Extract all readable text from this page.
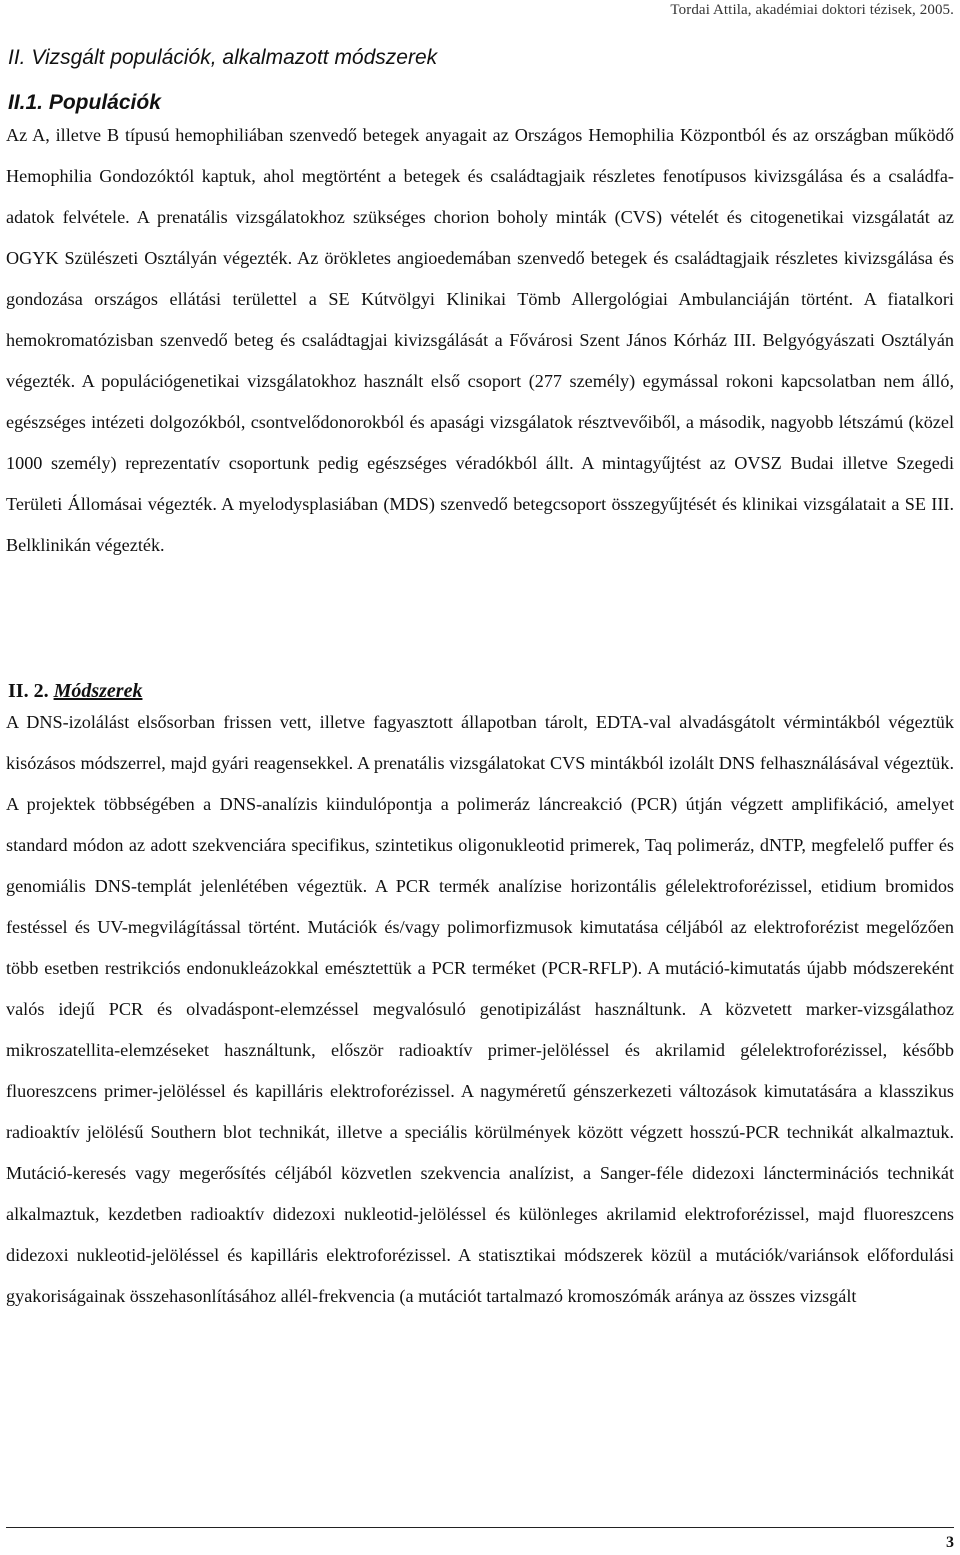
Tordai Attila, akadémiai doktori tézisek, 2005.
II. Vizsgált populációk, alkalmazott módszerek
II.1. Populációk

Az A, illetve B típusú hemophiliában szenvedő betegek anyagait az Országos Hemophilia Központból és az országban működő Hemophilia Gondozóktól kaptuk, ahol megtörtént a betegek és családtagjaik részletes fenotípusos kivizsgálása és a családfa-adatok felvétele. A prenatális vizsgálatokhoz szükséges chorion boholy minták (CVS) vételét és citogenetikai vizsgálatát az OGYK Szülészeti Osztályán végezték. Az örökletes angioedemában szenvedő betegek és családtagjaik részletes kivizsgálása és gondozása országos ellátási területtel a SE Kútvölgyi Klinikai Tömb Allergológiai Ambulanciáján történt. A fiatalkori hemokromatózisban szenvedő beteg és családtagjai kivizsgálását a Fővárosi Szent János Kórház III. Belgyógyászati Osztályán végezték. A populációgenetikai vizsgálatokhoz használt első csoport (277 személy) egymással rokoni kapcsolatban nem álló, egészséges intézeti dolgozókból, csontvelődonorokból és apasági vizsgálatok résztvevőiből, a második, nagyobb létszámú (közel 1000 személy) reprezentatív csoportunk pedig egészséges véradókból állt. A mintagyűjtést az OVSZ Budai illetve Szegedi Területi Állomásai végezték. A myelodysplasiában (MDS) szenvedő betegcsoport összegyűjtését és klinikai vizsgálatait a SE III. Belklinikán végezték.

II. 2. Módszerek

A DNS-izolálást elsősorban frissen vett, illetve fagyasztott állapotban tárolt, EDTA-val alvadásgátolt vérmintákból végeztük kisózásos módszerrel, majd gyári reagensekkel. A prenatális vizsgálatokat CVS mintákból izolált DNS felhasználásával végeztük. A projektek többségében a DNS-analízis kiindulópontja a polimeráz láncreakció (PCR) útján végzett amplifikáció, amelyet standard módon az adott szekvenciára specifikus, szintetikus oligonukleotid primerek, Taq polimeráz, dNTP, megfelelő puffer és genomiális DNS-templát jelenlétében végeztük. A PCR termék analízise horizontális gélelektroforézissel, etidium bromidos festéssel és UV-megvilágítással történt. Mutációk és/vagy polimorfizmusok kimutatása céljából az elektroforézist megelőzően több esetben restrikciós endonukleázokkal emésztettük a PCR terméket (PCR-RFLP). A mutáció-kimutatás újabb módszereként valós idejű PCR és olvadáspont-elemzéssel megvalósuló genotipizálást használtunk. A közvetett marker-vizsgálathoz mikroszatellita-elemzéseket használtunk, először radioaktív primer-jelöléssel és akrilamid gélelektroforézissel, később fluoreszcens primer-jelöléssel és kapilláris elektroforézissel. A nagyméretű génszerkezeti változások kimutatására a klasszikus radioaktív jelölésű Southern blot technikát, illetve a speciális körülmények között végzett hosszú-PCR technikát alkalmaztuk. Mutáció-keresés vagy megerősítés céljából közvetlen szekvencia analízist, a Sanger-féle didezoxi láncterminációs technikát alkalmaztuk, kezdetben radioaktív didezoxi nukleotid-jelöléssel és különleges akrilamid elektroforézissel, majd fluoreszcens didezoxi nukleotid-jelöléssel és kapilláris elektroforézissel. A statisztikai módszerek közül a mutációk/variánsok előfordulási gyakoriságainak összehasonlításához allél-frekvencia (a mutációt tartalmazó kromoszómák aránya az összes vizsgált

3
